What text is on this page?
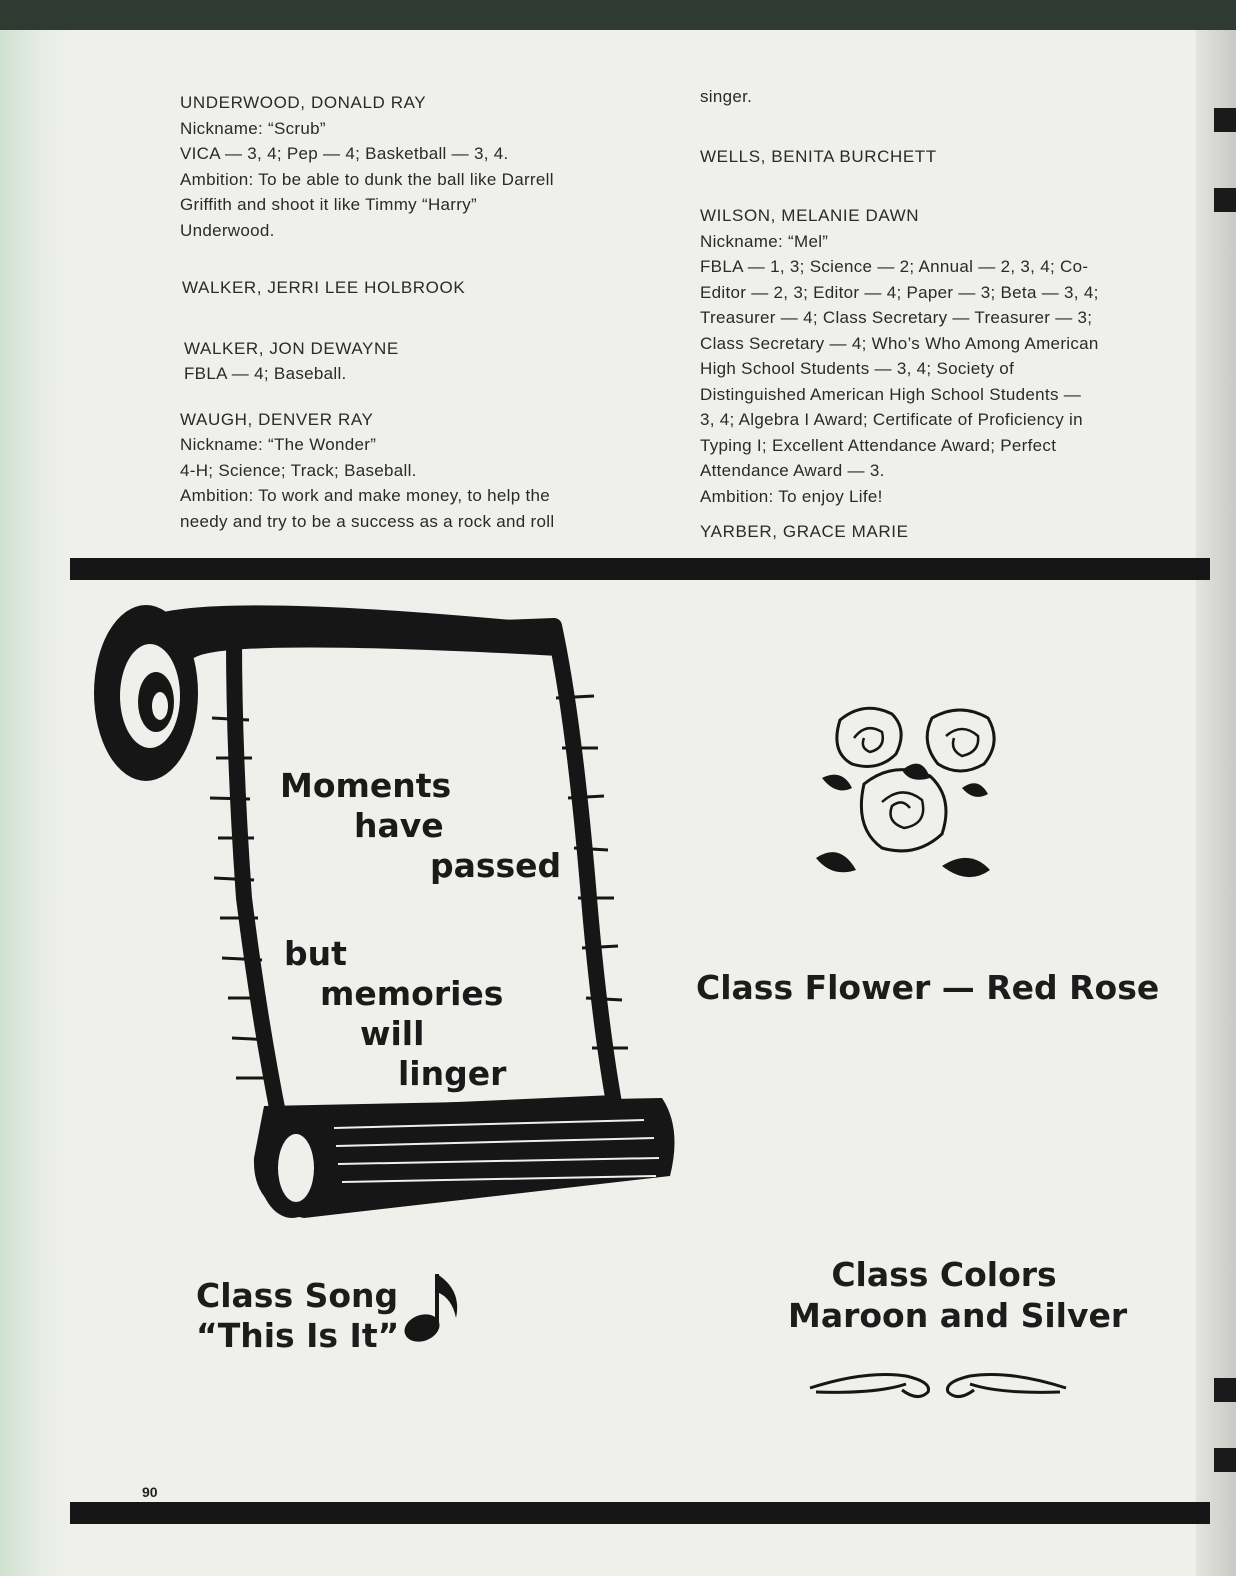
UNDERWOOD, DONALD RAY

Nickname: “Scrub”

VICA — 3, 4; Pep — 4; Basketball — 3, 4.

Ambition: To be able to dunk the ball like Darrell

Griffith and shoot it like Timmy “Harry”

Underwood.

WALKER, JERRI LEE HOLBROOK

WALKER, JON DEWAYNE

FBLA — 4; Baseball.

WAUGH, DENVER RAY

Nickname: “The Wonder”

4-H; Science; Track; Baseball.

Ambition: To work and make money, to help the

needy and try to be a success as a rock and roll

singer.

WELLS, BENITA BURCHETT

WILSON, MELANIE DAWN

Nickname: “Mel”

FBLA — 1, 3; Science — 2; Annual — 2, 3, 4; Co-

Editor — 2, 3; Editor — 4; Paper — 3; Beta — 3, 4;

Treasurer — 4; Class Secretary — Treasurer — 3;

Class Secretary — 4; Who’s Who Among American

High School Students — 3, 4; Society of

Distinguished American High School Students —

3, 4; Algebra I Award; Certificate of Proficiency in

Typing I; Excellent Attendance Award; Perfect

Attendance Award — 3.

Ambition: To enjoy Life!

YARBER, GRACE MARIE

Moments
have
passed
but
memories
will
linger
Class Flower — Red Rose
Class Song
“This Is It”
Class Colors
Maroon and Silver
90
